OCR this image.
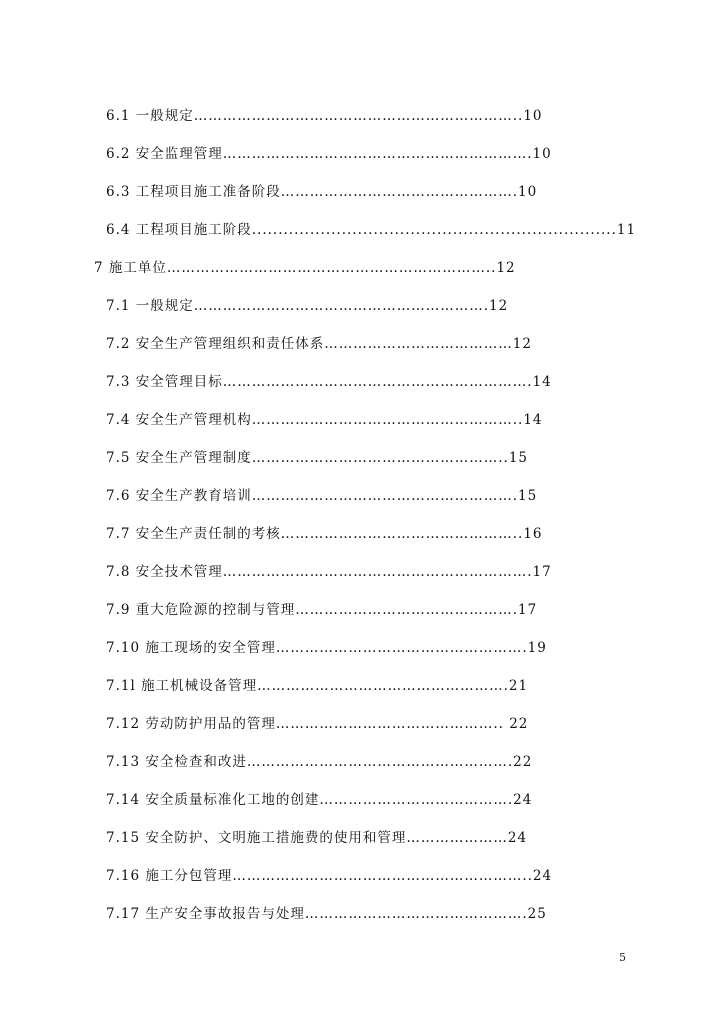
6.1 一般规定…………………………………………………………..10
6.2 安全监理管理……………………………………………………….10
6.3 工程项目施工准备阶段………………………………………….10
6.4 工程项目施工阶段.....................................................................11
7 施工单位…………………………………………………………..12
7.1 一般规定…………………………………………………….12
7.2 安全生产管理组织和责任体系…………………………………12
7.3 安全管理目标……………………………………………………….14
7.4 安全生产管理机构………………………………………………..14
7.5 安全生产管理制度……………………………………………..15
7.6 安全生产教育培训……………………………………………….15
7.7 安全生产责任制的考核…………………………………………..16
7.8 安全技术管理……………………………………………………….17
7.9 重大危险源的控制与管理……………………………………….17
7.10 施工现场的安全管理…………………………………………….19
7.1l 施工机械设备管理…………………………………………….21
7.12 劳动防护用品的管理……………………………………….. 22
7.13 安全检查和改进……………………………………………….22
7.14 安全质量标准化工地的创建………………………………….24
7.15 安全防护、文明施工措施费的使用和管理…………………24
7.16 施工分包管理……………………………………………………..24
7.17 生产安全事故报告与处理……………………………………….25
5
